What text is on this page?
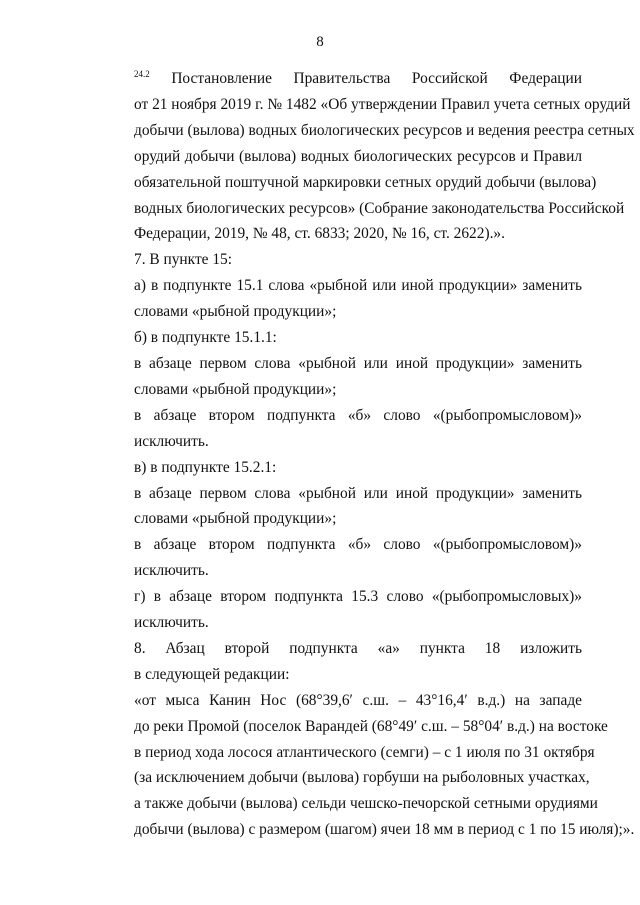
8
$^{24.2}$ Постановление Правительства Российской Федерации
от 21 ноября 2019 г. № 1482 «Об утверждении Правил учета сетных орудий
добычи (вылова) водных биологических ресурсов и ведения реестра сетных
орудий добычи (вылова) водных биологических ресурсов и Правил
обязательной поштучной маркировки сетных орудий добычи (вылова)
водных биологических ресурсов» (Собрание законодательства Российской
Федерации, 2019, № 48, ст. 6833; 2020, № 16, ст. 2622).».
7. В пункте 15:
а) в подпункте 15.1 слова «рыбной или иной продукции» заменить
словами «рыбной продукции»;
б) в подпункте 15.1.1:
в абзаце первом слова «рыбной или иной продукции» заменить
словами «рыбной продукции»;
в абзаце втором подпункта «б» слово «(рыбопромысловом)»
исключить.
в) в подпункте 15.2.1:
в абзаце первом слова «рыбной или иной продукции» заменить
словами «рыбной продукции»;
в абзаце втором подпункта «б» слово «(рыбопромысловом)»
исключить.
г) в абзаце втором подпункта 15.3 слово «(рыбопромысловых)»
исключить.
8. Абзац второй подпункта «а» пункта 18 изложить
в следующей редакции:
«от мыса Канин Нос (68°39,6′ с.ш. – 43°16,4′ в.д.) на западе
до реки Промой (поселок Варандей (68°49′ с.ш. – 58°04′ в.д.) на востоке
в период хода лосося атлантического (семги) – с 1 июля по 31 октября
(за исключением добычи (вылова) горбуши на рыболовных участках,
а также добычи (вылова) сельди чешско-печорской сетными орудиями
добычи (вылова) с размером (шагом) ячеи 18 мм в период с 1 по 15 июля);».
